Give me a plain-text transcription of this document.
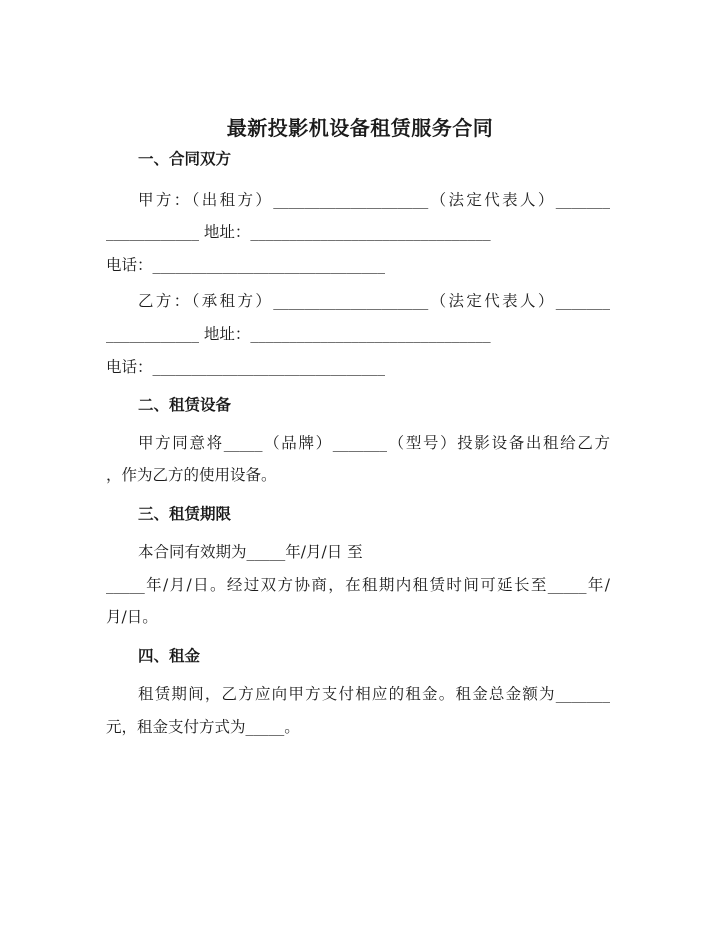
最新投影机设备租赁服务合同
一、合同双方
甲方：（出租方）____________________（法定代表人）_______
____________ 地址：_______________________________
电话：______________________________
乙方：（承租方）____________________（法定代表人）_______
____________ 地址：_______________________________
电话：______________________________
二、租赁设备
甲方同意将_____（品牌）_______（型号）投影设备出租给乙方
，作为乙方的使用设备。
三、租赁期限
本合同有效期为_____年/月/日 至
_____年/月/日。经过双方协商，在租期内租赁时间可延长至_____年/
月/日。
四、租金
租赁期间，乙方应向甲方支付相应的租金。租金总金额为_______
元，租金支付方式为_____。
